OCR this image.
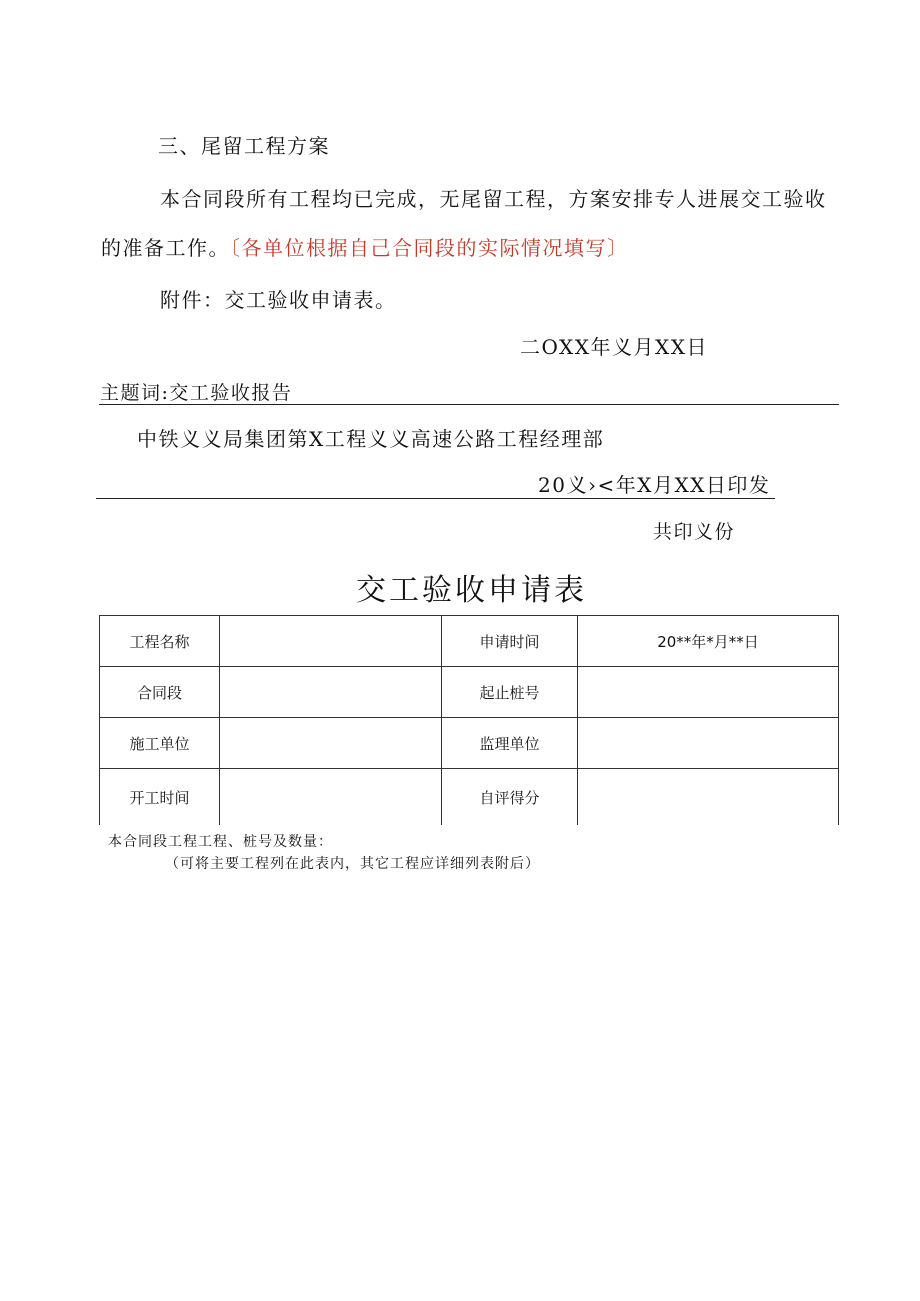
三、尾留工程方案
本合同段所有工程均已完成，无尾留工程，方案安排专人进展交工验收
的准备工作。〔各单位根据自己合同段的实际情况填写〕
附件：交工验收申请表。
二OXX年义月XX日
主题词:交工验收报告
中铁义义局集团第X工程义义高速公路工程经理部
20义›<年X月XX日印发
共印义份
交工验收申请表
工程名称		申请时间	20**年*月**日
合同段		起止桩号	
施工单位		监理单位	
开工时间		自评得分	
本合同段工程工程、桩号及数量：
（可将主要工程列在此表内，其它工程应详细列表附后）
